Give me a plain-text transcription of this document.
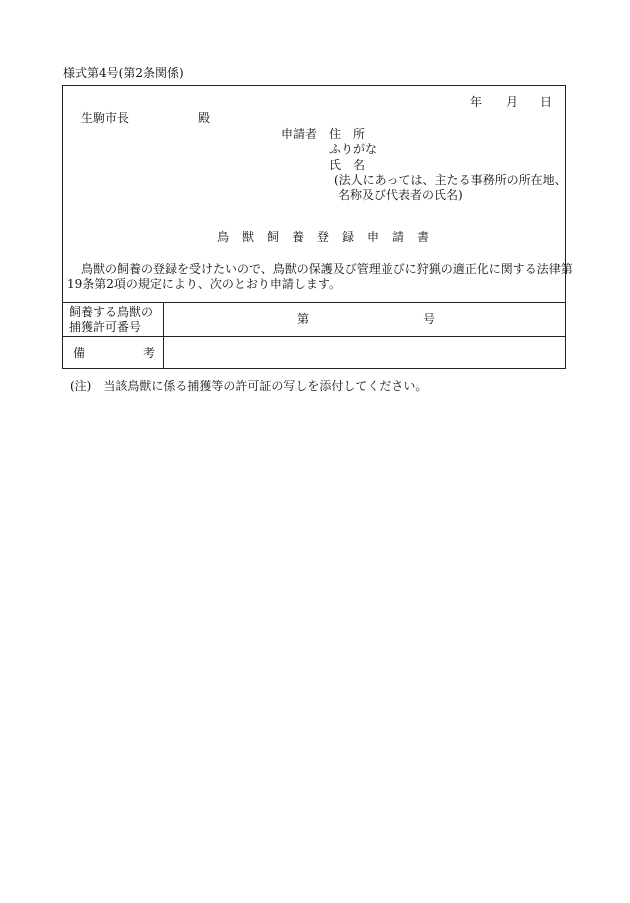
様式第4号(第2条関係)
年 月 日
生駒市長	殿
申請者 住　所
ふりがな
氏　名
(法人にあっては、主たる事務所の所在地、
名称及び代表者の氏名)
鳥獣飼養登録申請書
鳥獣の飼養の登録を受けたいので、鳥獣の保護及び管理並びに狩猟の適正化に関する法律第
19条第2項の規定により、次のとおり申請します。
飼養する鳥獣の
捕獲許可番号
第	号
備考
(注)　当該鳥獣に係る捕獲等の許可証の写しを添付してください。
